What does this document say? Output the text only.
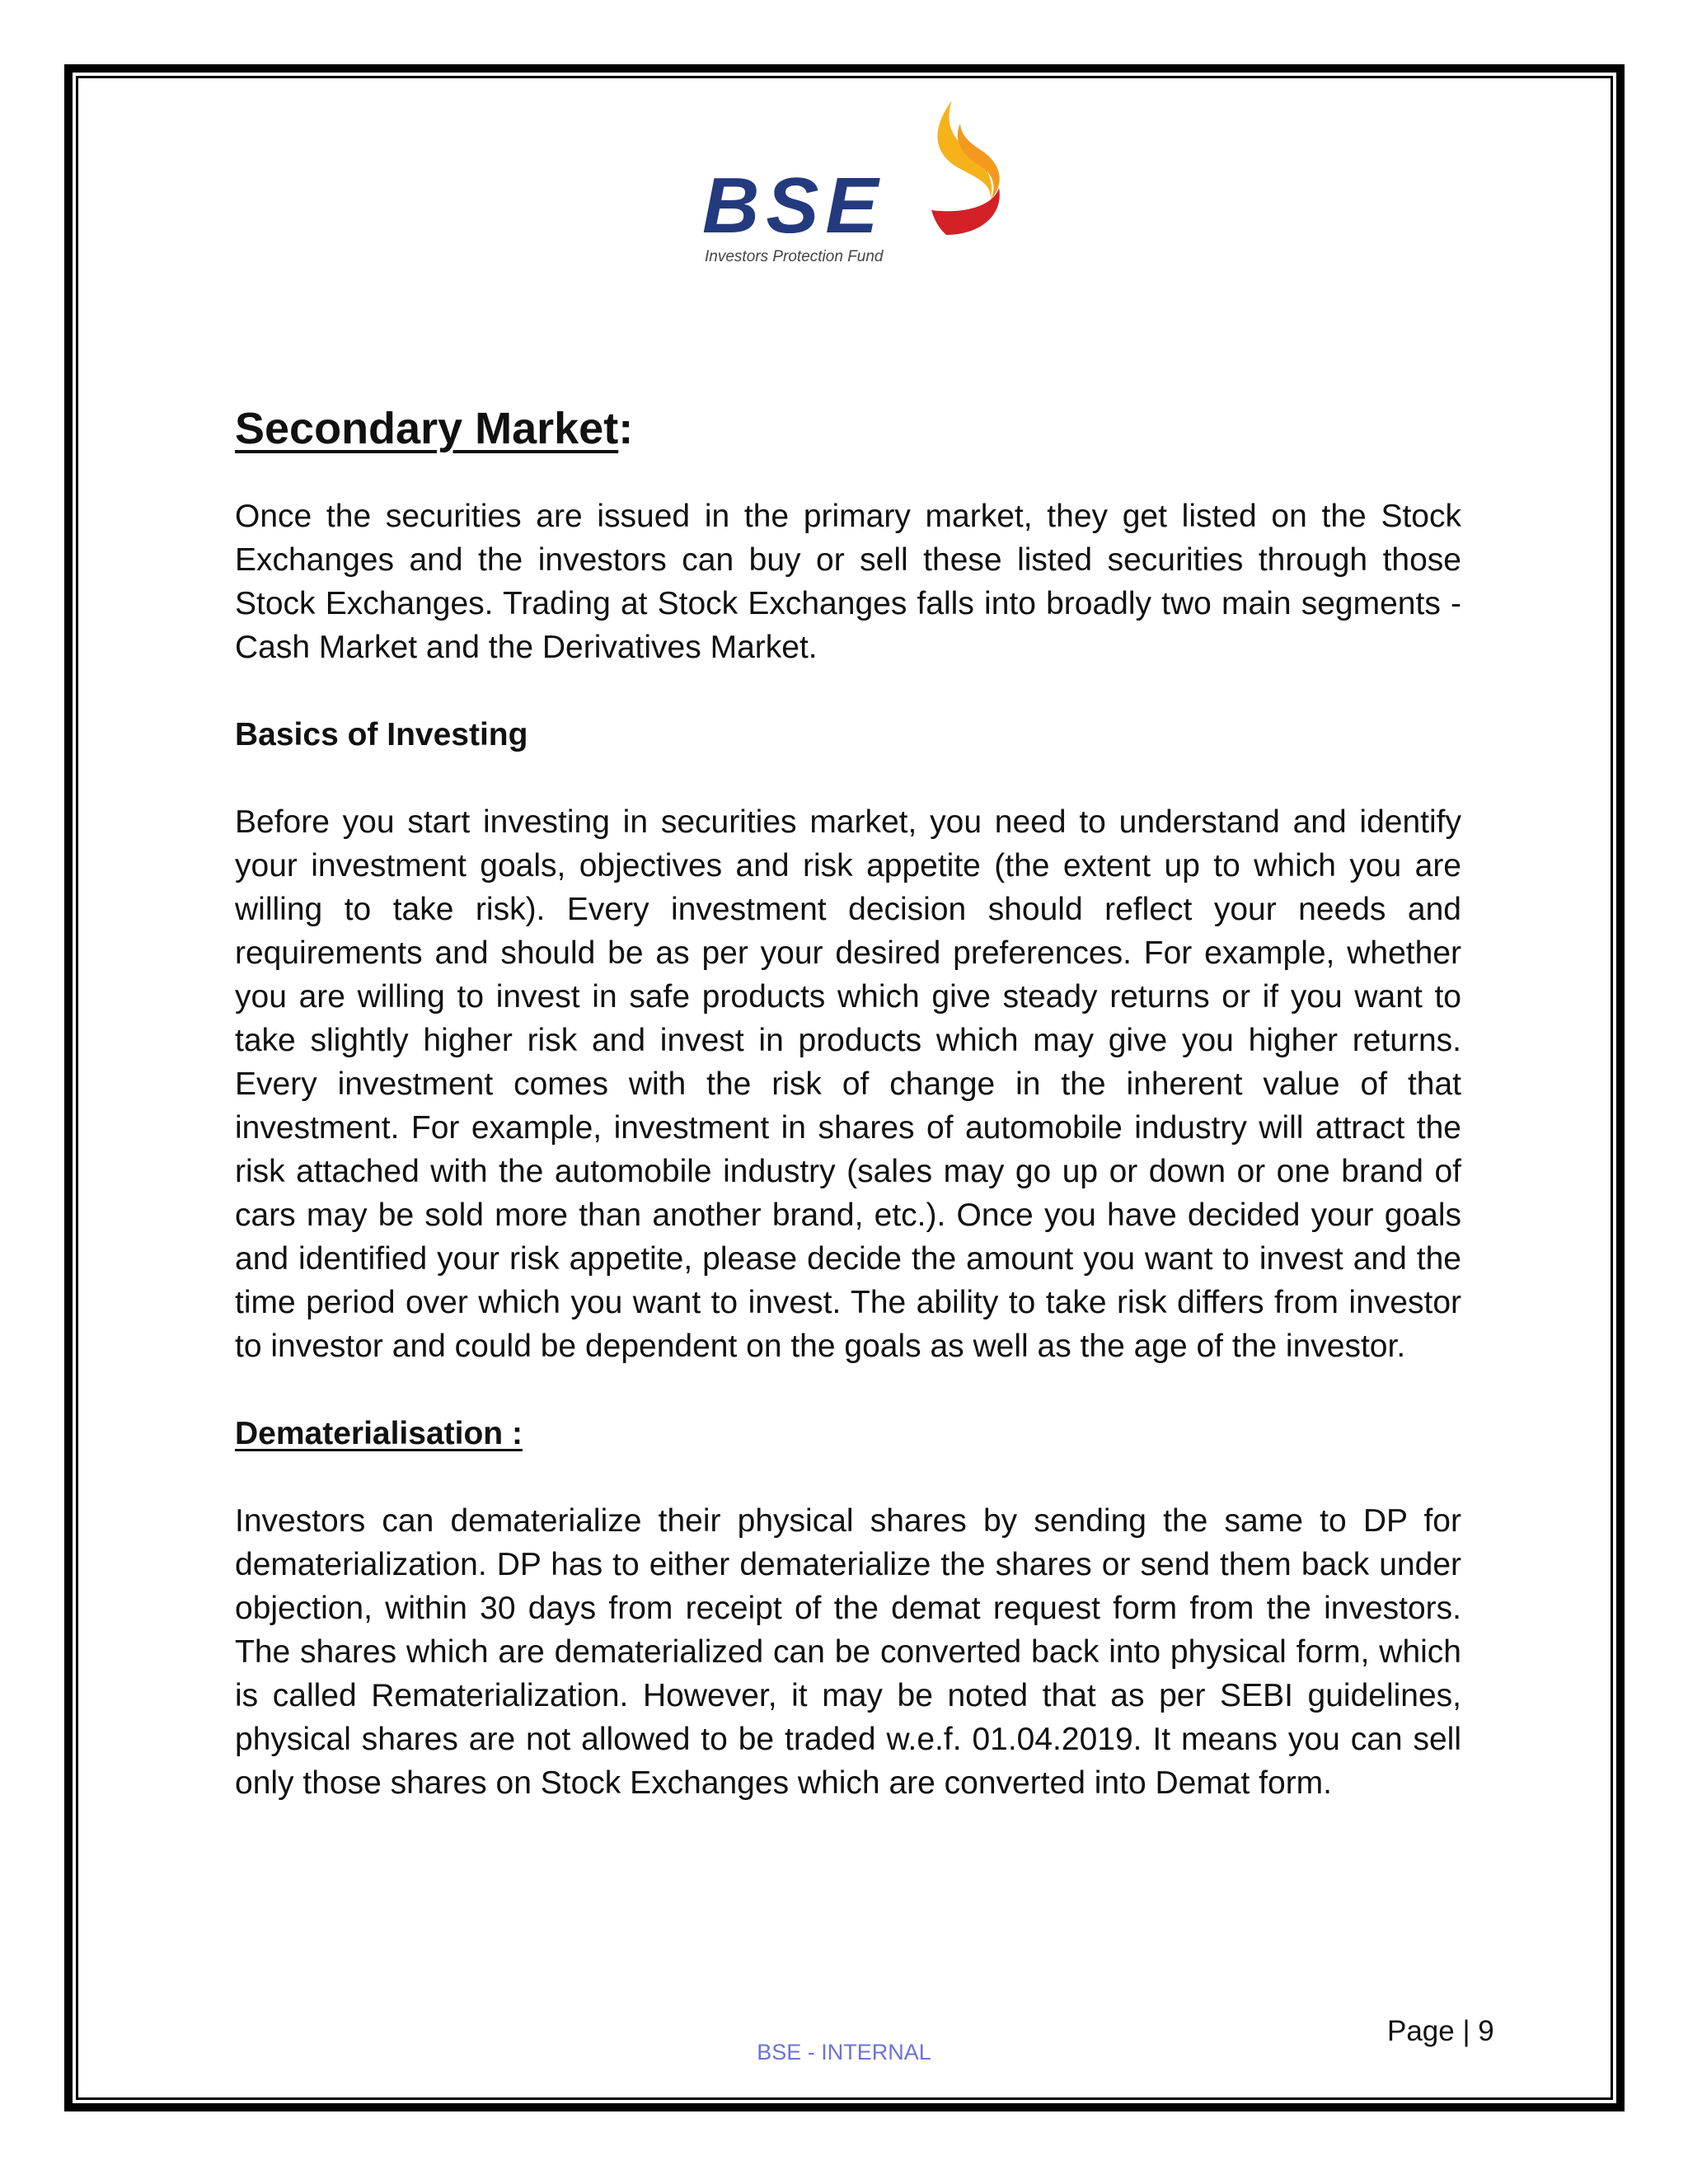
BSE
Investors Protection Fund
Secondary Market:

Once the securities are issued in the primary market, they get listed on the Stock Exchanges and the investors can buy or sell these listed securities through those Stock Exchanges. Trading at Stock Exchanges falls into broadly two main segments - Cash Market and the Derivatives Market.

Basics of Investing

Before you start investing in securities market, you need to understand and identify your investment goals, objectives and risk appetite (the extent up to which you are willing to take risk). Every investment decision should reflect your needs and requirements and should be as per your desired preferences. For example, whether you are willing to invest in safe products which give steady returns or if you want to take slightly higher risk and invest in products which may give you higher returns. Every investment comes with the risk of change in the inherent value of that investment. For example, investment in shares of automobile industry will attract the risk attached with the automobile industry (sales may go up or down or one brand of cars may be sold more than another brand, etc.). Once you have decided your goals and identified your risk appetite, please decide the amount you want to invest and the time period over which you want to invest. The ability to take risk differs from investor to investor and could be dependent on the goals as well as the age of the investor.

Dematerialisation :

Investors can dematerialize their physical shares by sending the same to DP for dematerialization. DP has to either dematerialize the shares or send them back under objection, within 30 days from receipt of the demat request form from the investors. The shares which are dematerialized can be converted back into physical form, which is called Rematerialization. However, it may be noted that as per SEBI guidelines, physical shares are not allowed to be traded w.e.f. 01.04.2019. It means you can sell only those shares on Stock Exchanges which are converted into Demat form.

Page | 9
BSE - INTERNAL
